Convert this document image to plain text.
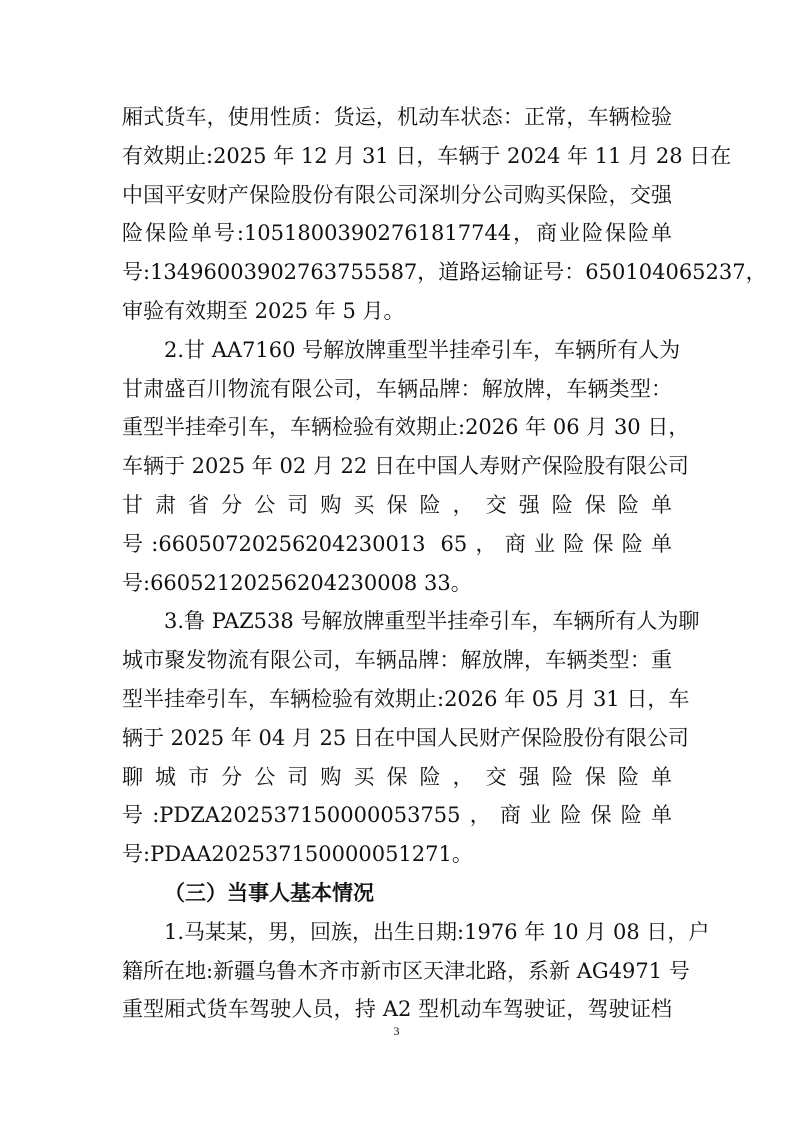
厢式货车，使用性质：货运，机动车状态：正常，车辆检验
有效期止:2025 年 12 月 31 日，车辆于 2024 年 11 月 28 日在
中国平安财产保险股份有限公司深圳分公司购买保险，交强
险保险单号:10518003902761817744，商业险保险单
号:13496003902763755587，道路运输证号：650104065237，
审验有效期至 2025 年 5 月。
2.甘 AA7160 号解放牌重型半挂牵引车，车辆所有人为
甘肃盛百川物流有限公司，车辆品牌：解放牌，车辆类型：
重型半挂牵引车，车辆检验有效期止:2026 年 06 月 30 日，
车辆于 2025 年 02 月 22 日在中国人寿财产保险股有限公司
甘肃省分公司购买保险，交强险保险单
号:66050720256204230013 65，商业险保险单
号:66052120256204230008 33。
3.鲁 PAZ538 号解放牌重型半挂牵引车，车辆所有人为聊
城市聚发物流有限公司，车辆品牌：解放牌，车辆类型：重
型半挂牵引车，车辆检验有效期止:2026 年 05 月 31 日，车
辆于 2025 年 04 月 25 日在中国人民财产保险股份有限公司
聊城市分公司购买保险，交强险保险单
号:PDZA202537150000053755，商业险保险单
号:PDAA202537150000051271。
（三）当事人基本情况
1.马某某，男，回族，出生日期:1976 年 10 月 08 日，户
籍所在地:新疆乌鲁木齐市新市区天津北路，系新 AG4971 号
重型厢式货车驾驶人员，持 A2 型机动车驾驶证，驾驶证档
3
